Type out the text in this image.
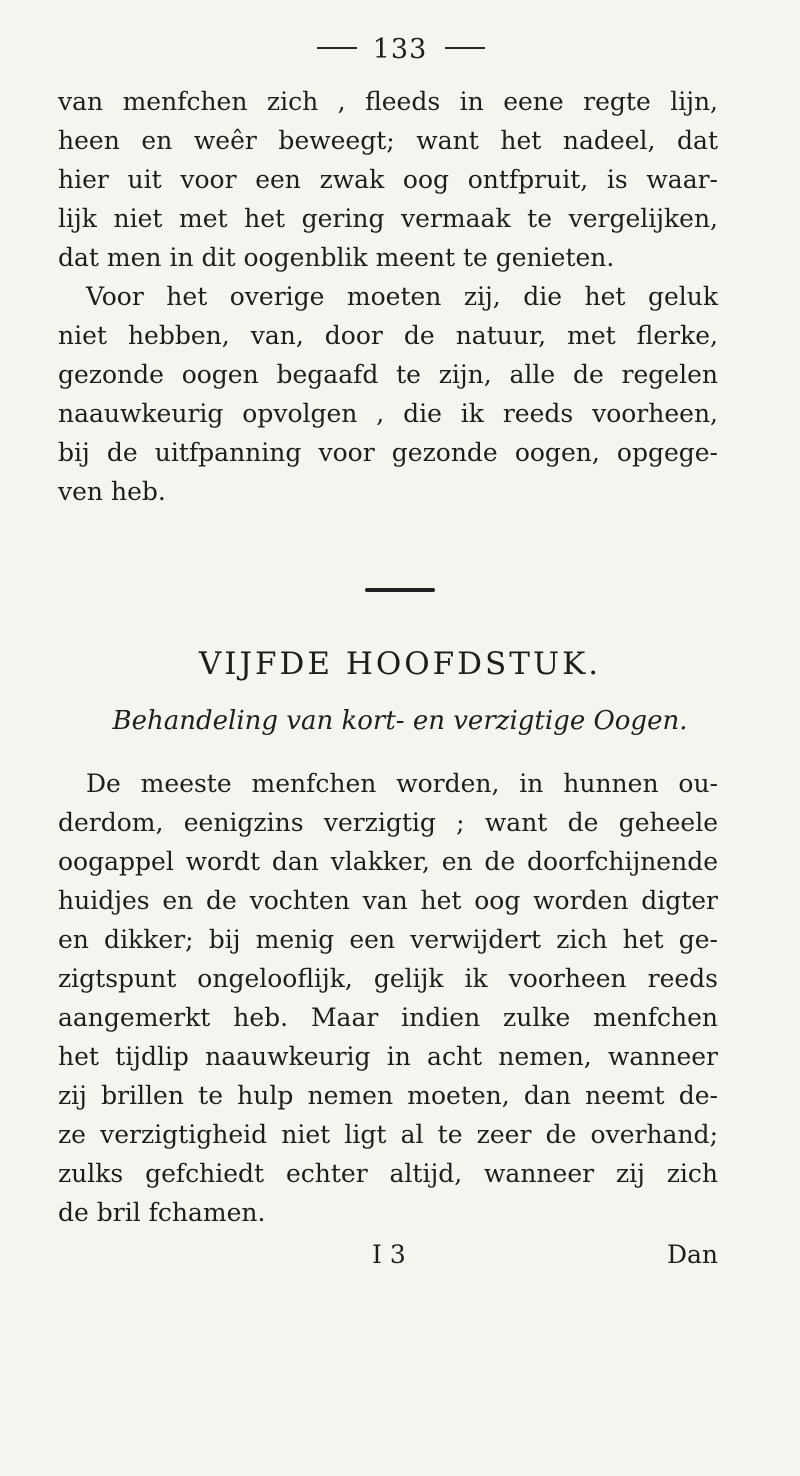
133
van menfchen zich , fleeds in eene regte lijn,
heen en weêr beweegt; want het nadeel, dat
hier uit voor een zwak oog ontfpruit, is waar-
lijk niet met het gering vermaak te vergelijken,
dat men in dit oogenblik meent te genieten.
Voor het overige moeten zij, die het geluk
niet hebben, van, door de natuur, met flerke,
gezonde oogen begaafd te zijn, alle de regelen
naauwkeurig opvolgen , die ik reeds voorheen,
bij de uitfpanning voor gezonde oogen, opgege-
ven heb.
VIJFDE HOOFDSTUK.
Behandeling van kort- en verzigtige Oogen.
De meeste menfchen worden, in hunnen ou-
derdom, eenigzins verzigtig ; want de geheele
oogappel wordt dan vlakker, en de doorfchijnende
huidjes en de vochten van het oog worden digter
en dikker; bij menig een verwijdert zich het ge-
zigtspunt ongelooflijk, gelijk ik voorheen reeds
aangemerkt heb. Maar indien zulke menfchen
het tijdlip naauwkeurig in acht nemen, wanneer
zij brillen te hulp nemen moeten, dan neemt de-
ze verzigtigheid niet ligt al te zeer de overhand;
zulks gefchiedt echter altijd, wanneer zij zich
de bril fchamen.
I 3	Dan
